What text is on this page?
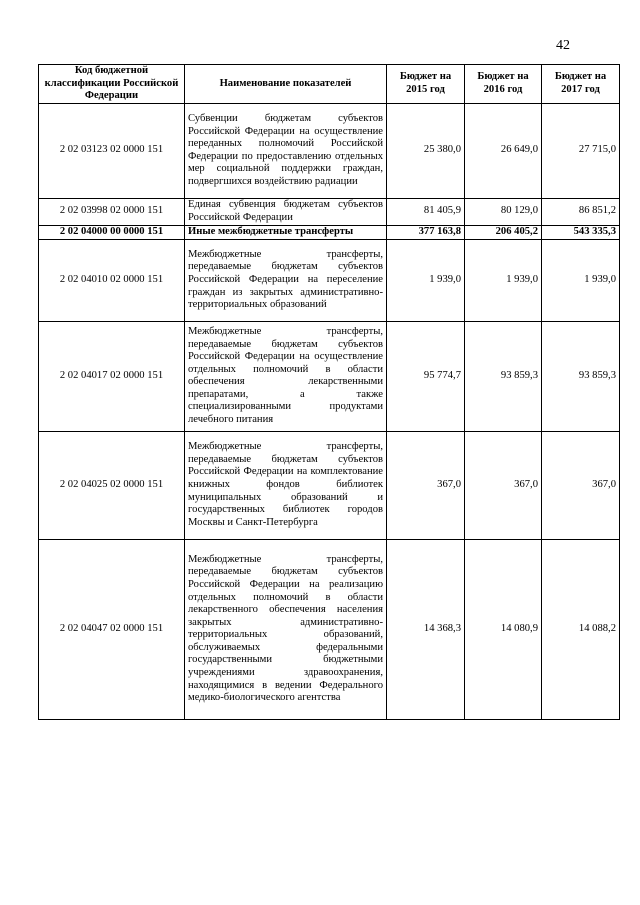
42
Код бюджетной классификации Российской Федерации	Наименование показателей	Бюджет на 2015 год	Бюджет на 2016 год	Бюджет на 2017 год
2 02 03123 02 0000 151	Субвенции бюджетам субъектов Российской Федерации на осуществление переданных полномочий Российской Федерации по предоставлению отдельных мер социальной поддержки граждан, подвергшихся воздействию радиации	25 380,0	26 649,0	27 715,0
2 02 03998 02 0000 151	Единая субвенция бюджетам субъектов Российской Федерации	81 405,9	80 129,0	86 851,2
2 02 04000 00 0000 151	Иные межбюджетные трансферты	377 163,8	206 405,2	543 335,3
2 02 04010 02 0000 151	Межбюджетные трансферты, передаваемые бюджетам субъектов Российской Федерации на переселение граждан из закрытых административно-территориальных образований	1 939,0	1 939,0	1 939,0
2 02 04017 02 0000 151	Межбюджетные трансферты, передаваемые бюджетам субъектов Российской Федерации на осуществление отдельных полномочий в области обеспечения лекарственными препаратами, а также специализированными продуктами лечебного питания	95 774,7	93 859,3	93 859,3
2 02 04025 02 0000 151	Межбюджетные трансферты, передаваемые бюджетам субъектов Российской Федерации на комплектование книжных фондов библиотек муниципальных образований и государственных библиотек городов Москвы и Санкт-Петербурга	367,0	367,0	367,0
2 02 04047 02 0000 151	Межбюджетные трансферты, передаваемые бюджетам субъектов Российской Федерации на реализацию отдельных полномочий в области лекарственного обеспечения населения закрытых административно-территориальных образований, обслуживаемых федеральными государственными бюджетными учреждениями здравоохранения, находящимися в ведении Федерального медико-биологического агентства	14 368,3	14 080,9	14 088,2
